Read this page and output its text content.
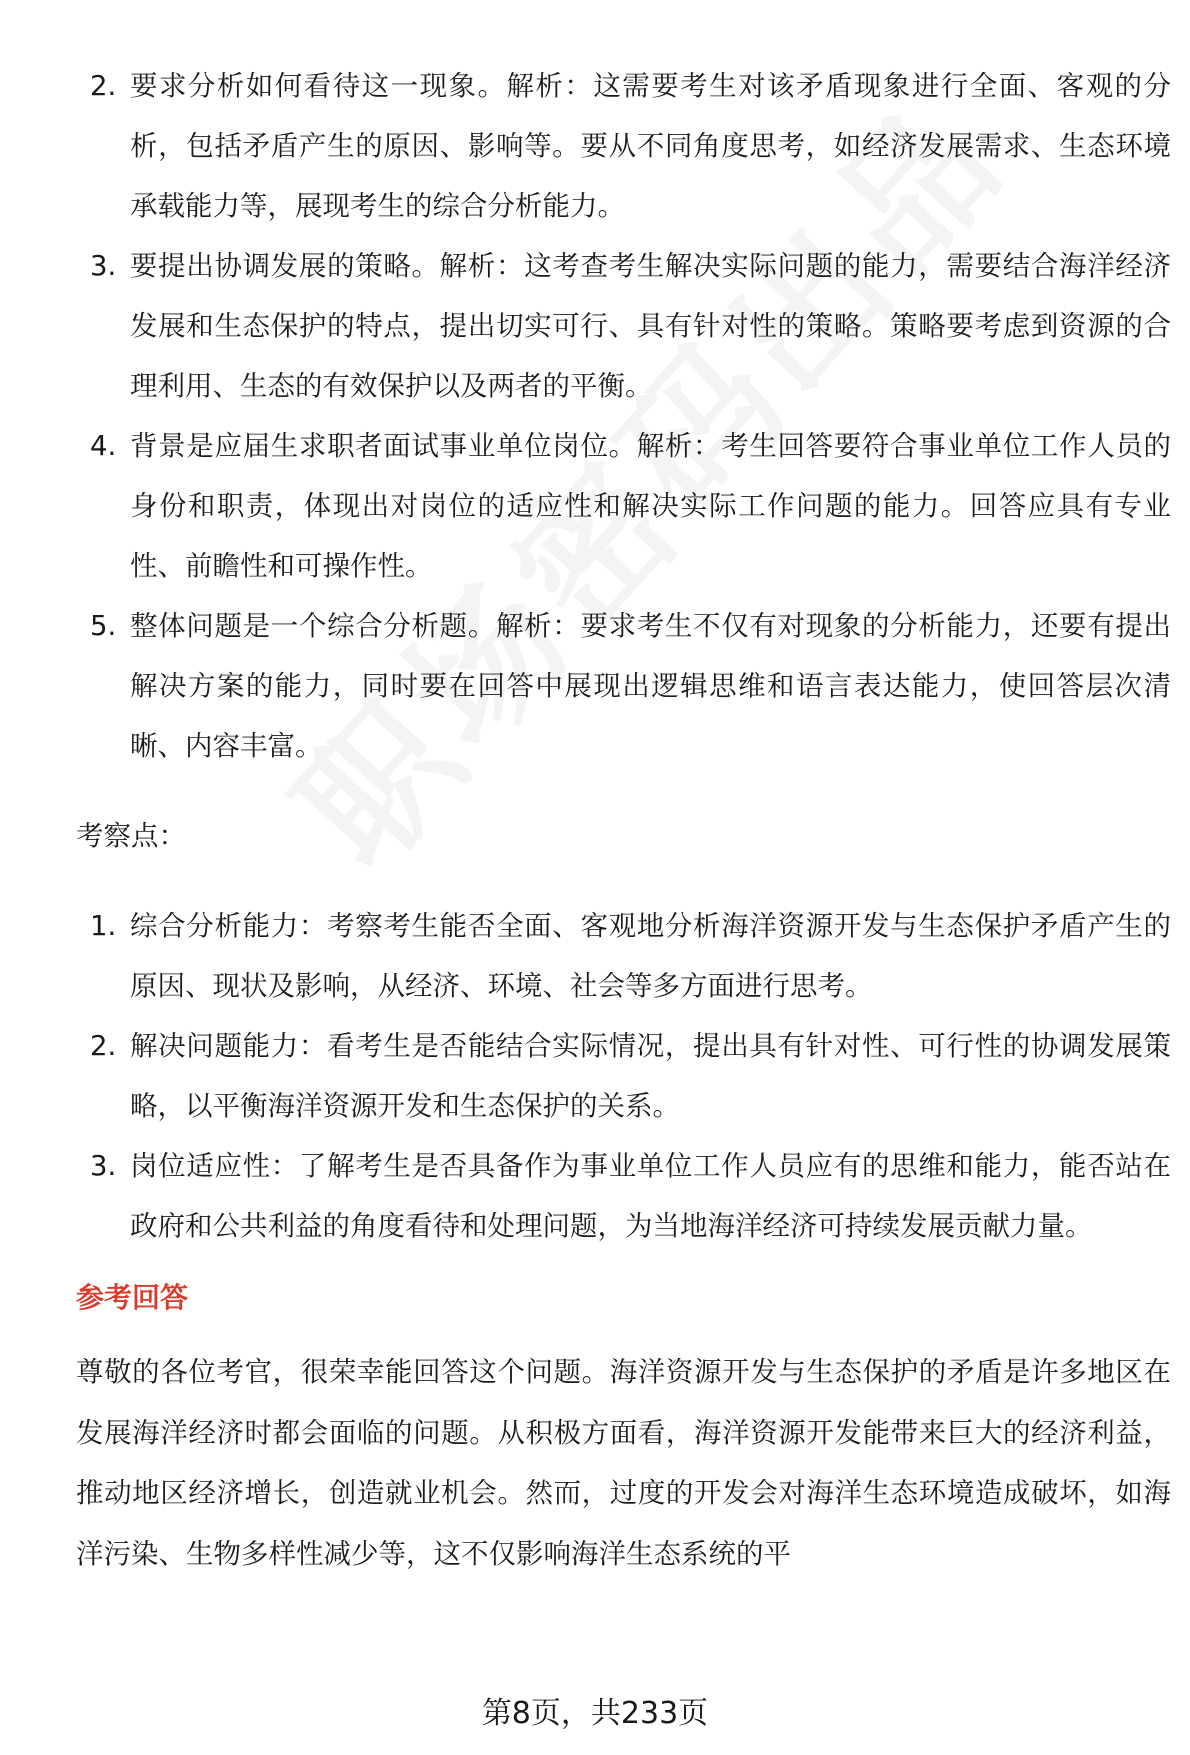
2. 要求分析如何看待这一现象。解析：这需要考生对该矛盾现象进行全面、客观的分析，包括矛盾产生的原因、影响等。要从不同角度思考，如经济发展需求、生态环境承载能力等，展现考生的综合分析能力。
3. 要提出协调发展的策略。解析：这考查考生解决实际问题的能力，需要结合海洋经济发展和生态保护的特点，提出切实可行、具有针对性的策略。策略要考虑到资源的合理利用、生态的有效保护以及两者的平衡。
4. 背景是应届生求职者面试事业单位岗位。解析：考生回答要符合事业单位工作人员的身份和职责，体现出对岗位的适应性和解决实际工作问题的能力。回答应具有专业性、前瞻性和可操作性。
5. 整体问题是一个综合分析题。解析：要求考生不仅有对现象的分析能力，还要有提出解决方案的能力，同时要在回答中展现出逻辑思维和语言表达能力，使回答层次清晰、内容丰富。
考察点：
1. 综合分析能力：考察考生能否全面、客观地分析海洋资源开发与生态保护矛盾产生的原因、现状及影响，从经济、环境、社会等多方面进行思考。
2. 解决问题能力：看考生是否能结合实际情况，提出具有针对性、可行性的协调发展策略，以平衡海洋资源开发和生态保护的关系。
3. 岗位适应性：了解考生是否具备作为事业单位工作人员应有的思维和能力，能否站在政府和公共利益的角度看待和处理问题，为当地海洋经济可持续发展贡献力量。
参考回答

尊敬的各位考官，很荣幸能回答这个问题。海洋资源开发与生态保护的矛盾是许多地区在发展海洋经济时都会面临的问题。从积极方面看，海洋资源开发能带来巨大的经济利益，推动地区经济增长，创造就业机会。然而，过度的开发会对海洋生态环境造成破坏，如海洋污染、生物多样性减少等，这不仅影响海洋生态系统的平

第8页，共233页
